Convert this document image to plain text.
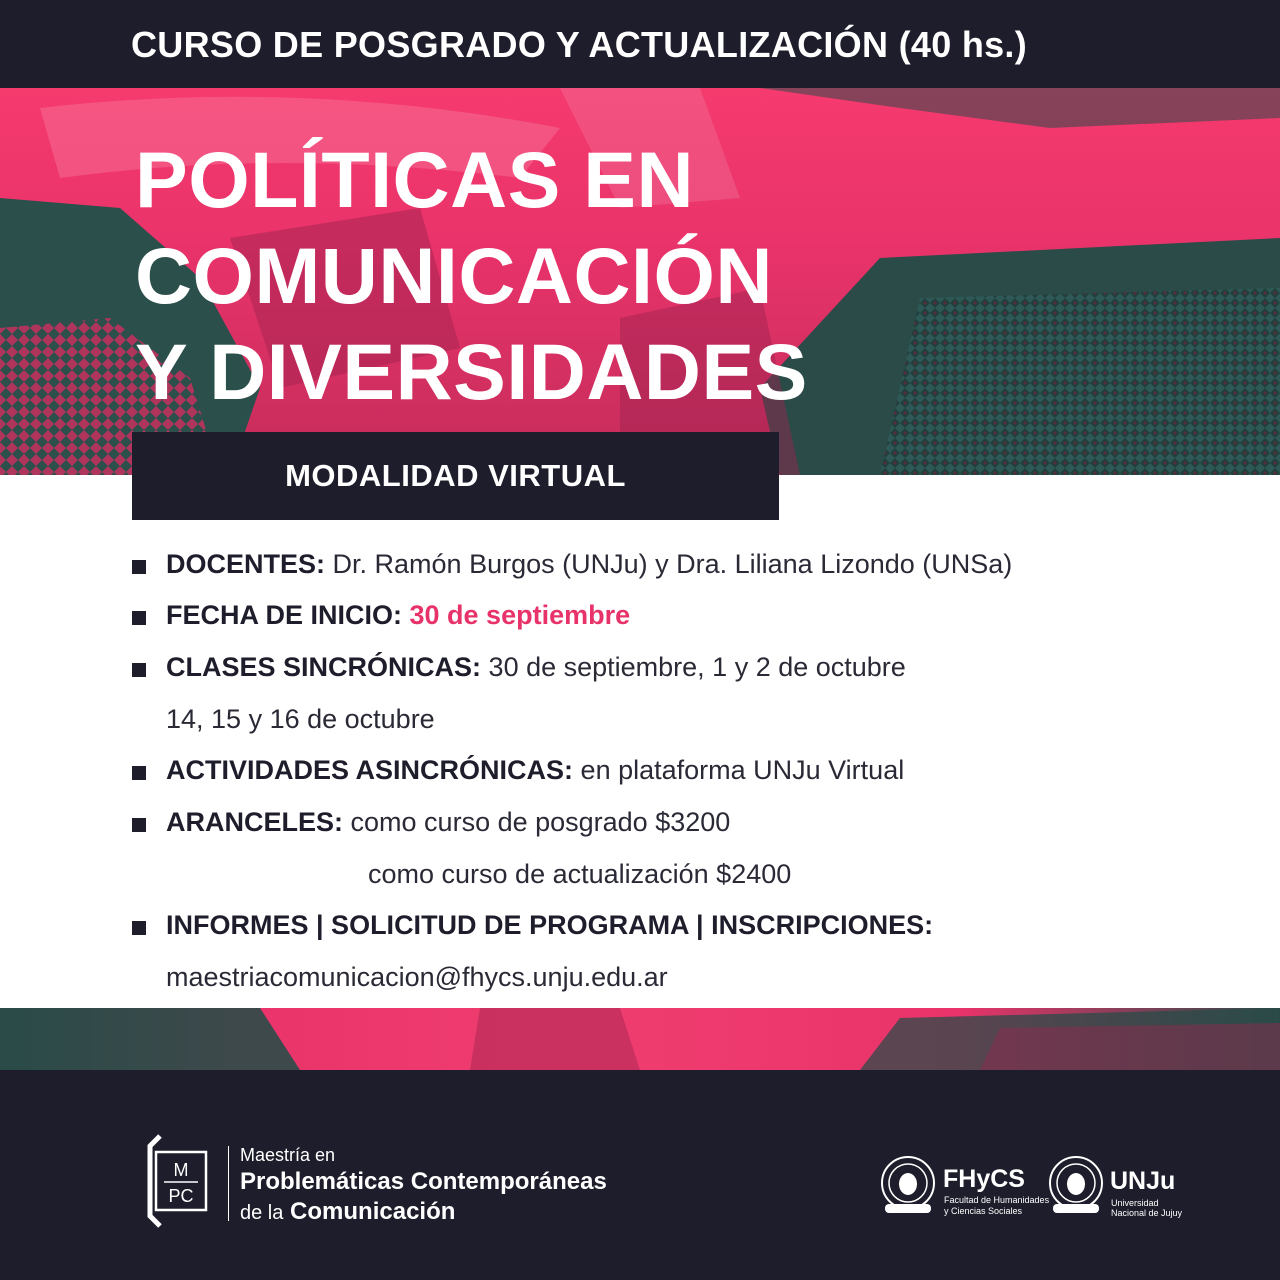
CURSO DE POSGRADO Y ACTUALIZACIÓN (40 hs.)
POLÍTICAS EN
COMUNICACIÓN
Y DIVERSIDADES
MODALIDAD VIRTUAL
DOCENTES: Dr. Ramón Burgos (UNJu) y Dra. Liliana Lizondo (UNSa)
FECHA DE INICIO: 30 de septiembre
CLASES SINCRÓNICAS: 30 de septiembre, 1 y 2 de octubre
14, 15 y 16 de octubre
ACTIVIDADES ASINCRÓNICAS: en plataforma UNJu Virtual
ARANCELES: como curso de posgrado $3200
como curso de actualización $2400
INFORMES | SOLICITUD DE PROGRAMA | INSCRIPCIONES:
maestriacomunicacion@fhycs.unju.edu.ar
M
PC
Maestría en
Problemáticas Contemporáneas
de la Comunicación
FHyCS
Facultad de Humanidades
y Ciencias Sociales
UNJu
Universidad
Nacional de Jujuy
